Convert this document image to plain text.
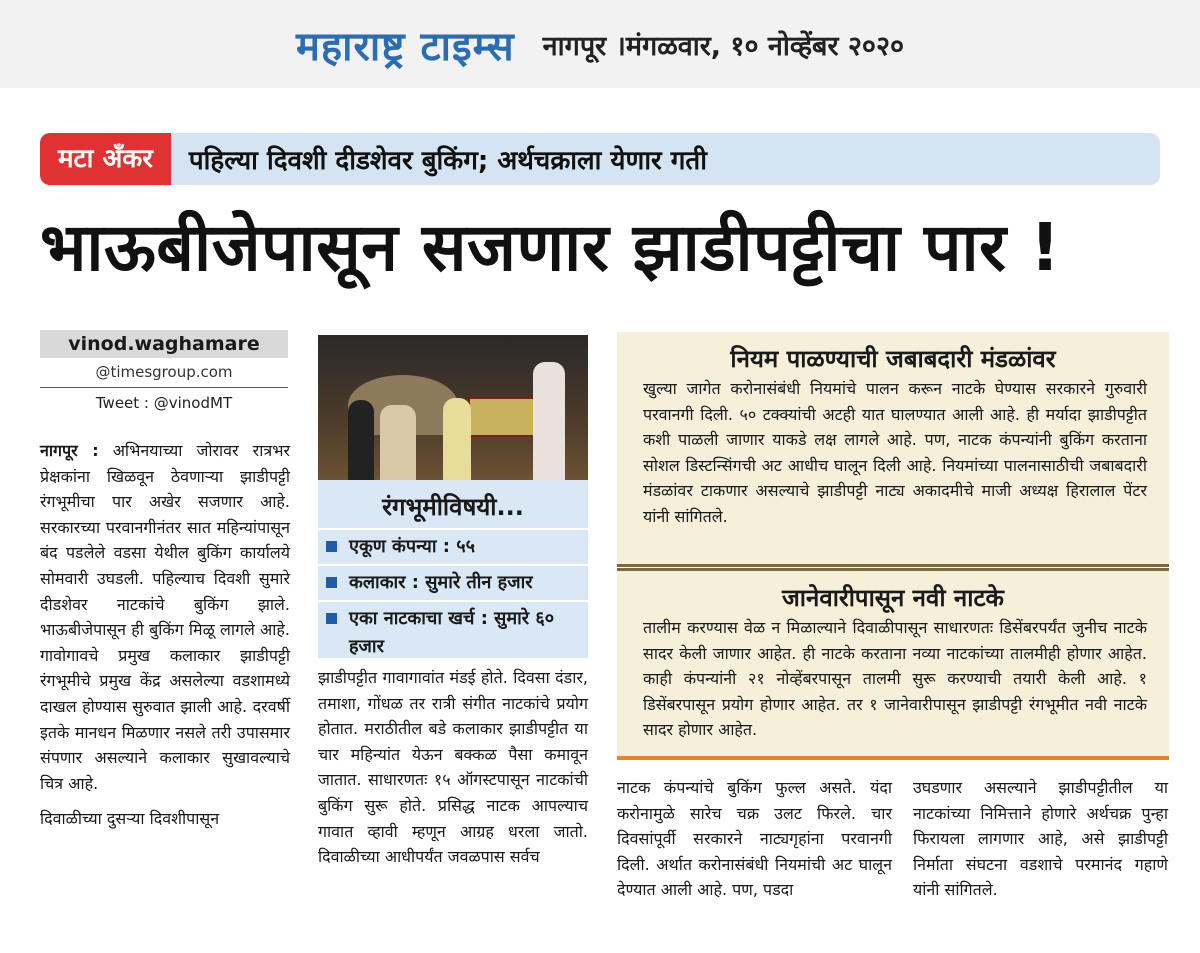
महाराष्ट्र टाइम्स नागपूर ।मंगळवार, १० नोव्हेंबर २०२०
मटा अँकर	पहिल्या दिवशी दीडशेवर बुकिंग; अर्थचक्राला येणार गती
भाऊबीजेपासून सजणार झाडीपट्टीचा पार !
vinod.waghamare
@timesgroup.com
Tweet : @vinodMT

नागपूर : अभिनयाच्या जोरावर रात्रभर प्रेक्षकांना खिळवून ठेवणाऱ्या झाडीपट्टी रंगभूमीचा पार अखेर सजणार आहे. सरकारच्या परवानगीनंतर सात महिन्यांपासून बंद पडलेले वडसा येथील बुकिंग कार्यालये सोमवारी उघडली. पहिल्याच दिवशी सुमारे दीडशेवर नाटकांचे बुकिंग झाले. भाऊबीजेपासून ही बुकिंग मिळू लागले आहे. गावोगावचे प्रमुख कलाकार झाडीपट्टी रंगभूमीचे प्रमुख केंद्र असलेल्या वडशामध्ये दाखल होण्यास सुरुवात झाली आहे. दरवर्षी इतके मानधन मिळणार नसले तरी उपासमार संपणार असल्याने कलाकार सुखावल्याचे चित्र आहे.

दिवाळीच्या दुसऱ्या दिवशीपासून

रंगभूमीविषयी...
एकूण कंपन्या : ५५
कलाकार : सुमारे तीन हजार
एका नाटकाचा खर्च : सुमारे ६० हजार

झाडीपट्टीत गावागावांत मंडई होते. दिवसा दंडार, तमाशा, गोंधळ तर रात्री संगीत नाटकांचे प्रयोग होतात. मराठीतील बडे कलाकार झाडीपट्टीत या चार महिन्यांत येऊन बक्कळ पैसा कमावून जातात. साधारणतः १५ ऑगस्टपासून नाटकांची बुकिंग सुरू होते. प्रसिद्ध नाटक आपल्याच गावात व्हावी म्हणून आग्रह धरला जातो. दिवाळीच्या आधीपर्यंत जवळपास सर्वच

नियम पाळण्याची जबाबदारी मंडळांवर
खुल्या जागेत करोनासंबंधी नियमांचे पालन करून नाटके घेण्यास सरकारने गुरुवारी परवानगी दिली. ५० टक्क्यांची अटही यात घालण्यात आली आहे. ही मर्यादा झाडीपट्टीत कशी पाळली जाणार याकडे लक्ष लागले आहे. पण, नाटक कंपन्यांनी बुकिंग करताना सोशल डिस्टन्सिंगची अट आधीच घालून दिली आहे. नियमांच्या पालनासाठीची जबाबदारी मंडळांवर टाकणार असल्याचे झाडीपट्टी नाट्य अकादमीचे माजी अध्यक्ष हिरालाल पेंटर यांनी सांगितले.
जानेवारीपासून नवी नाटके
तालीम करण्यास वेळ न मिळाल्याने दिवाळीपासून साधारणतः डिसेंबरपर्यंत जुनीच नाटके सादर केली जाणार आहेत. ही नाटके करताना नव्या नाटकांच्या तालमीही होणार आहेत. काही कंपन्यांनी २१ नोव्हेंबरपासून तालमी सुरू करण्याची तयारी केली आहे. १ डिसेंबरपासून प्रयोग होणार आहेत. तर १ जानेवारीपासून झाडीपट्टी रंगभूमीत नवी नाटके सादर होणार आहेत.

नाटक कंपन्यांचे बुकिंग फुल्ल असते. यंदा करोनामुळे सारेच चक्र उलट फिरले. चार दिवसांपूर्वी सरकारने नाट्यगृहांना परवानगी दिली. अर्थात करोनासंबंधी नियमांची अट घालून देण्यात आली आहे. पण, पडदा

उघडणार असल्याने झाडीपट्टीतील या नाटकांच्या निमित्ताने होणारे अर्थचक्र पुन्हा फिरायला लागणार आहे, असे झाडीपट्टी निर्माता संघटना वडशाचे परमानंद गहाणे यांनी सांगितले.
